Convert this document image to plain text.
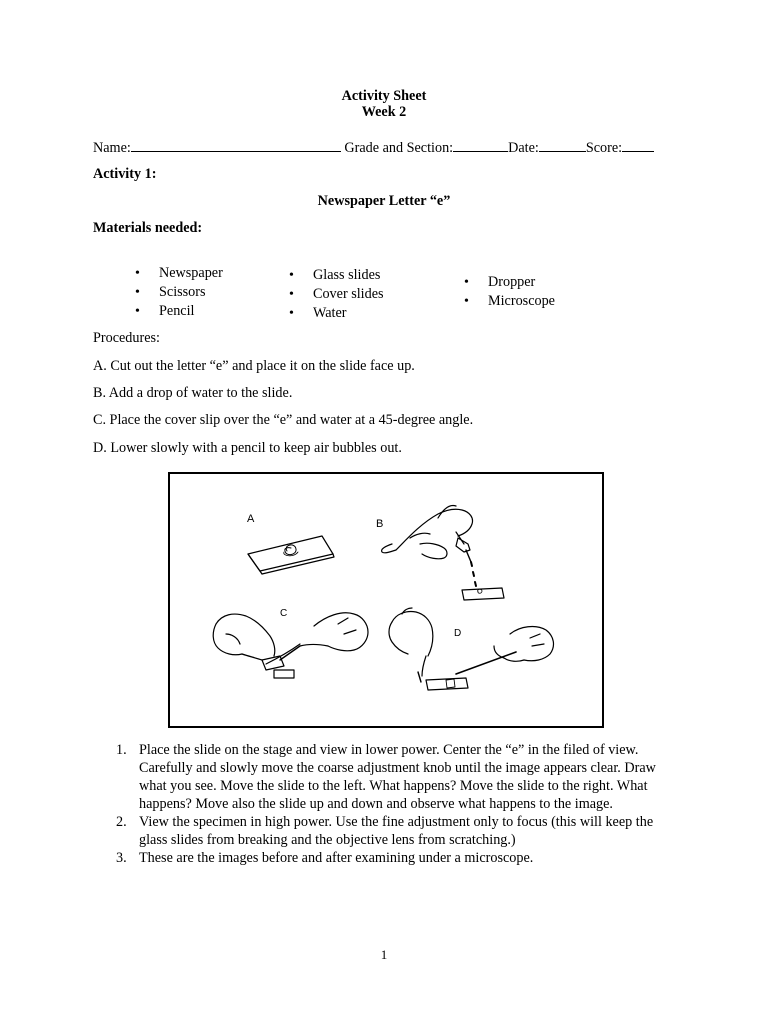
Activity Sheet
Week 2
Name:	Grade and Section:	Date:	Score:
Activity 1:
Newspaper Letter “e”
Materials needed:
• Newspaper
• Scissors
• Pencil
• Glass slides
• Cover slides
• Water
• Dropper
• Microscope
Procedures:
A. Cut out the letter “e” and place it on the slide face up.
B. Add a drop of water to the slide.
C. Place the cover slip over the “e” and water at a 45-degree angle.
D. Lower slowly with a pencil to keep air bubbles out.
A	B
C
D
1. Place the slide on the stage and view in lower power. Center the “e” in the filed of view. Carefully and slowly move the coarse adjustment knob until the image appears clear. Draw what you see. Move the slide to the left. What happens? Move the slide to the right. What happens? Move also the slide up and down and observe what happens to the image.
2. View the specimen in high power. Use the fine adjustment only to focus (this will keep the glass slides from breaking and the objective lens from scratching.)
3. These are the images before and after examining under a microscope.
1
